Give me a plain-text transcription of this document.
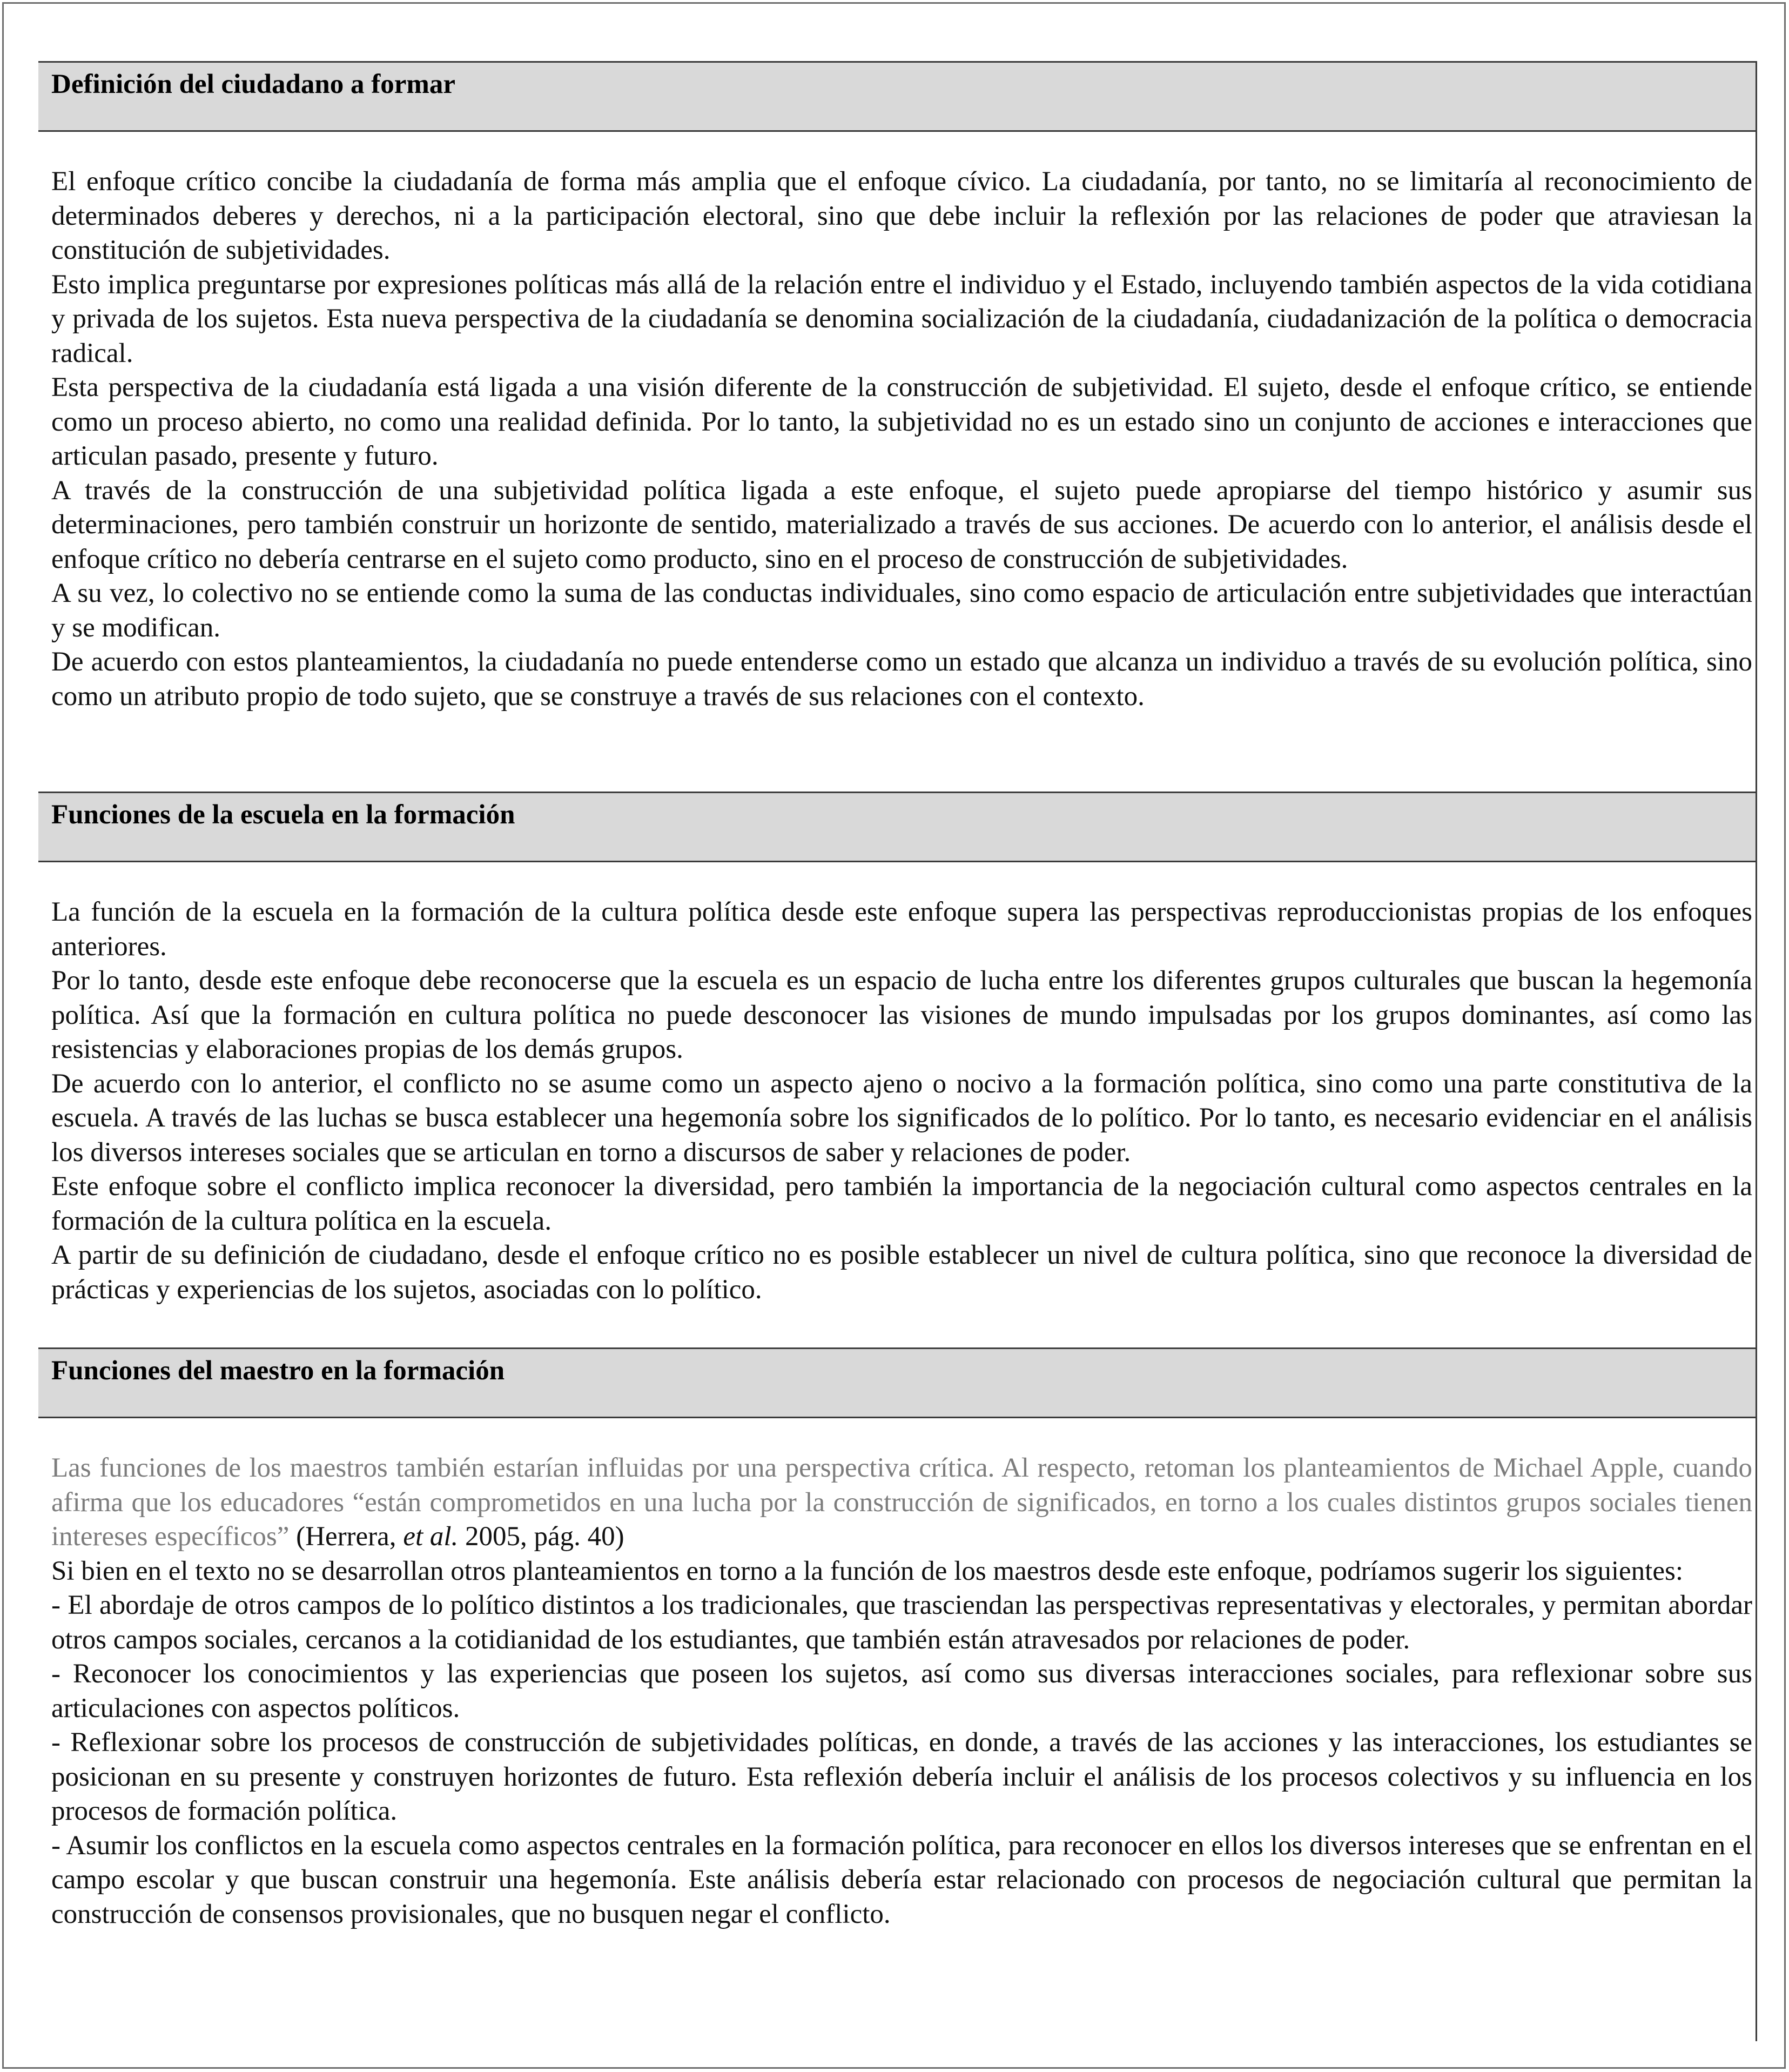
Definición del ciudadano a formar

El enfoque crítico concibe la ciudadanía de forma más amplia que el enfoque cívico. La ciudadanía, por tanto, no se limitaría al reconocimiento de determinados deberes y derechos, ni a la participación electoral, sino que debe incluir la reflexión por las relaciones de poder que atraviesan la constitución de subjetividades.

Esto implica preguntarse por expresiones políticas más allá de la relación entre el individuo y el Estado, incluyendo también aspectos de la vida cotidiana y privada de los sujetos. Esta nueva perspectiva de la ciudadanía se denomina socialización de la ciudadanía, ciudadanización de la política o democracia radical.

Esta perspectiva de la ciudadanía está ligada a una visión diferente de la construcción de subjetividad. El sujeto, desde el enfoque crítico, se entiende como un proceso abierto, no como una realidad definida. Por lo tanto, la subjetividad no es un estado sino un conjunto de acciones e interacciones que articulan pasado, presente y futuro.

A través de la construcción de una subjetividad política ligada a este enfoque, el sujeto puede apropiarse del tiempo histórico y asumir sus determinaciones, pero también construir un horizonte de sentido, materializado a través de sus acciones. De acuerdo con lo anterior, el análisis desde el enfoque crítico no debería centrarse en el sujeto como producto, sino en el proceso de construcción de subjetividades.

A su vez, lo colectivo no se entiende como la suma de las conductas individuales, sino como espacio de articulación entre subjetividades que interactúan y se modifican.

De acuerdo con estos planteamientos, la ciudadanía no puede entenderse como un estado que alcanza un individuo a través de su evolución política, sino como un atributo propio de todo sujeto, que se construye a través de sus relaciones con el contexto.

Funciones de la escuela en la formación

La función de la escuela en la formación de la cultura política desde este enfoque supera las perspectivas reproduccionistas propias de los enfoques anteriores.

Por lo tanto, desde este enfoque debe reconocerse que la escuela es un espacio de lucha entre los diferentes grupos culturales que buscan la hegemonía política. Así que la formación en cultura política no puede desconocer las visiones de mundo impulsadas por los grupos dominantes, así como las resistencias y elaboraciones propias de los demás grupos.

De acuerdo con lo anterior, el conflicto no se asume como un aspecto ajeno o nocivo a la formación política, sino como una parte constitutiva de la escuela. A través de las luchas se busca establecer una hegemonía sobre los significados de lo político. Por lo tanto, es necesario evidenciar en el análisis los diversos intereses sociales que se articulan en torno a discursos de saber y relaciones de poder.

Este enfoque sobre el conflicto implica reconocer la diversidad, pero también la importancia de la negociación cultural como aspectos centrales en la formación de la cultura política en la escuela.

A partir de su definición de ciudadano, desde el enfoque crítico no es posible establecer un nivel de cultura política, sino que reconoce la diversidad de prácticas y experiencias de los sujetos, asociadas con lo político.

Funciones del maestro en la formación

Las funciones de los maestros también estarían influidas por una perspectiva crítica. Al respecto, retoman los planteamientos de Michael Apple, cuando afirma que los educadores “están comprometidos en una lucha por la construcción de significados, en torno a los cuales distintos grupos sociales tienen intereses específicos” (Herrera, et al. 2005, pág. 40)

Si bien en el texto no se desarrollan otros planteamientos en torno a la función de los maestros desde este enfoque, podríamos sugerir los siguientes:

- El abordaje de otros campos de lo político distintos a los tradicionales, que trasciendan las perspectivas representativas y electorales, y permitan abordar otros campos sociales, cercanos a la cotidianidad de los estudiantes, que también están atravesados por relaciones de poder.

- Reconocer los conocimientos y las experiencias que poseen los sujetos, así como sus diversas interacciones sociales, para reflexionar sobre sus articulaciones con aspectos políticos.

- Reflexionar sobre los procesos de construcción de subjetividades políticas, en donde, a través de las acciones y las interacciones, los estudiantes se posicionan en su presente y construyen horizontes de futuro. Esta reflexión debería incluir el análisis de los procesos colectivos y su influencia en los procesos de formación política.

- Asumir los conflictos en la escuela como aspectos centrales en la formación política, para reconocer en ellos los diversos intereses que se enfrentan en el campo escolar y que buscan construir una hegemonía. Este análisis debería estar relacionado con procesos de negociación cultural que permitan la construcción de consensos provisionales, que no busquen negar el conflicto.
